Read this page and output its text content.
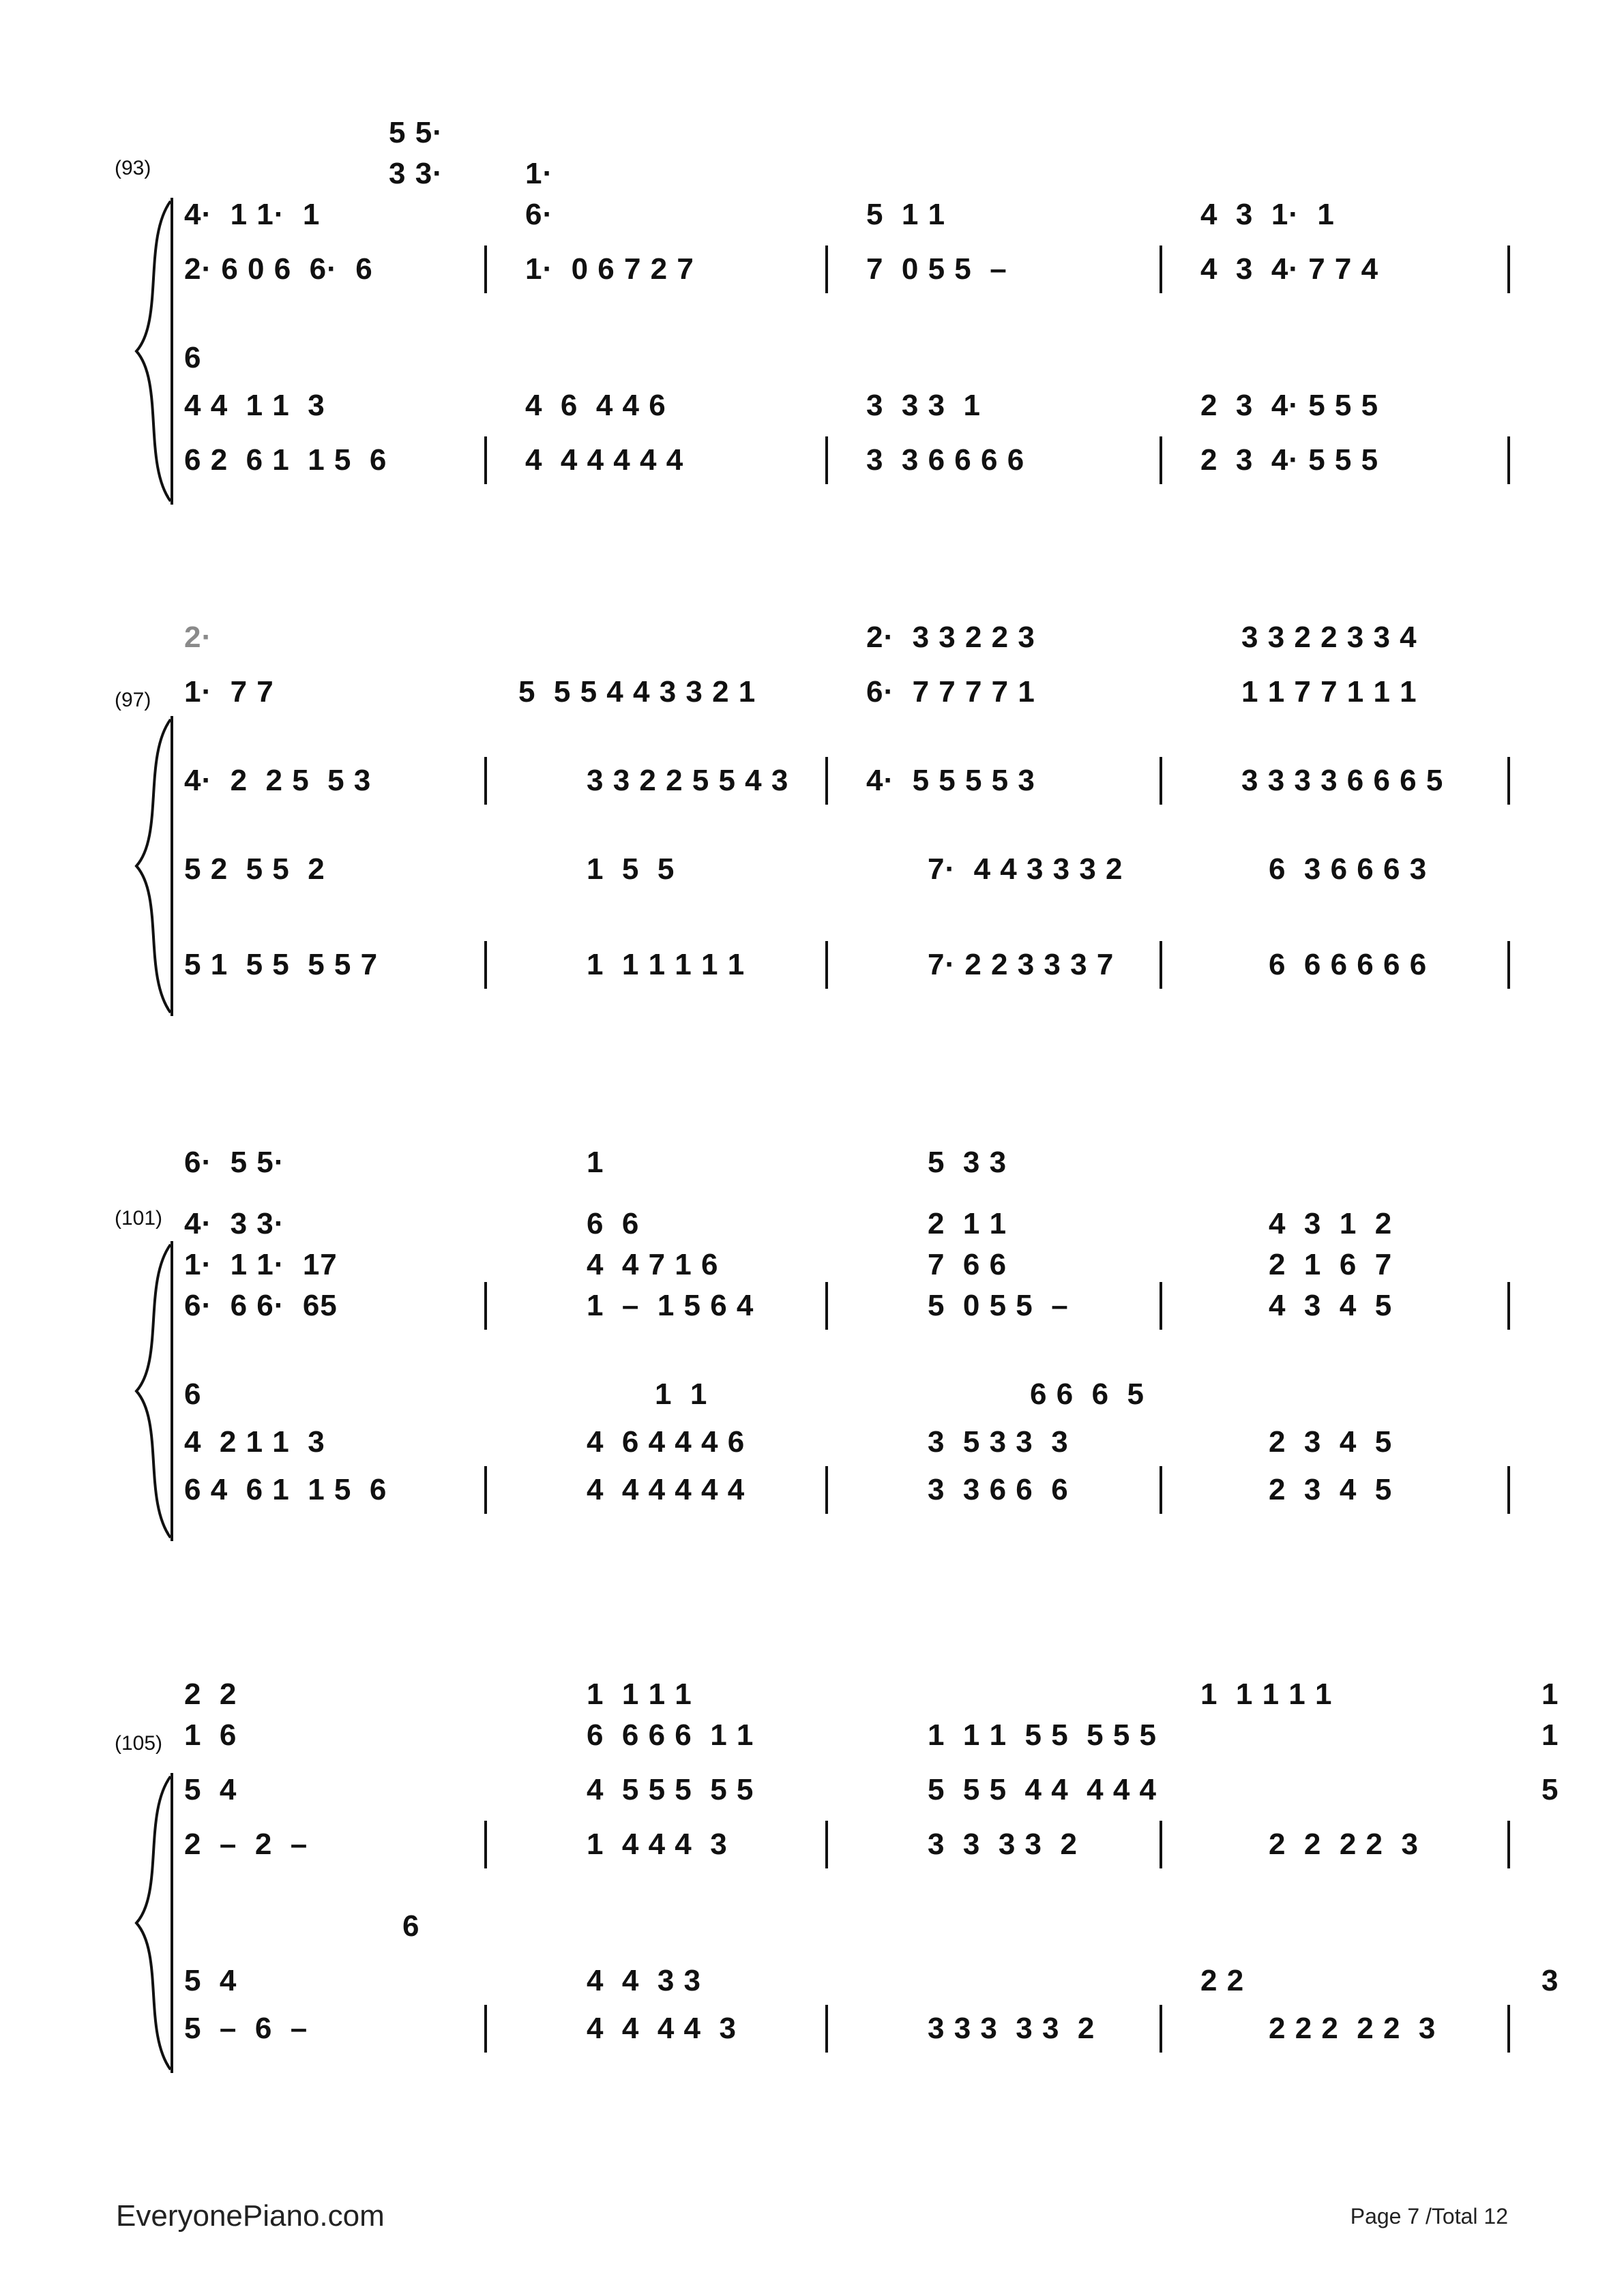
(93)

5 5·

3 3·

	1·

4·  1 1·  1

	6·

	5  1 1

	4  3  1·  1

2· 6 0 6  6·  6

	1·  0 6 7 2 7

	7  0 5 5  –

	4  3  4· 7 7 4

6

4 4  1 1  3

	4  6  4 4 6

	3  3 3  1

	2  3  4· 5 5 5

6 2  6 1  1 5  6

	4  4 4 4 4 4

	3  3 6 6 6 6

	2  3  4· 5 5 5

(97)

2·

	2·  3 3 2 2 3

	3 3 2 2 3 3 4

1·  7 7

	5  5 5 4 4 3 3 2 1

	6·  7 7 7 7 1

	1 1 7 7 1 1 1

4·  2  2 5  5 3

	3 3 2 2 5 5 4 3

	4·  5 5 5 5 3

	3 3 3 3 6 6 6 5

5 2  5 5  2

	1  5  5

	7·  4 4 3 3 3 2

	6  3 6 6 6 3

5 1  5 5  5 5 7

	1  1 1 1 1 1

	7· 2 2 3 3 3 7

	6  6 6 6 6 6

(101)

6·  5 5·

	1

	5  3 3

4·  3 3·

	6  6

	2  1 1

	4  3  1  2

1·  1 1·  17

	4  4 7 1 6

	7  6 6

	2  1  6  7

6·  6 6·  65

	1  –  1 5 6 4

	5  0 5 5  –

	4  3  4  5

6

	1  1

	6 6  6  5

4  2 1 1  3

	4  6 4 4 4 6

	3  5 3 3  3

	2  3  4  5

6 4  6 1  1 5  6

	4  4 4 4 4 4

	3  3 6 6  6

	2  3  4  5

(105)

2  2

	1  1 1 1

	1  1 1 1 1

	1

1  6

	6  6 6 6  1 1

	1  1 1  5 5  5 5 5

	1

5  4

	4  5 5 5  5 5

	5  5 5  4 4  4 4 4

	5

2  –  2  –

	1  4 4 4  3

	3  3  3 3  2

	2  2  2 2  3

6

5  4

	4  4  3 3

	2 2

	3

5  –  6  –

	4  4  4 4  3

	3 3 3  3 3  2

	2 2 2  2 2  3

EveryonePiano.com	Page 7 /Total 12
